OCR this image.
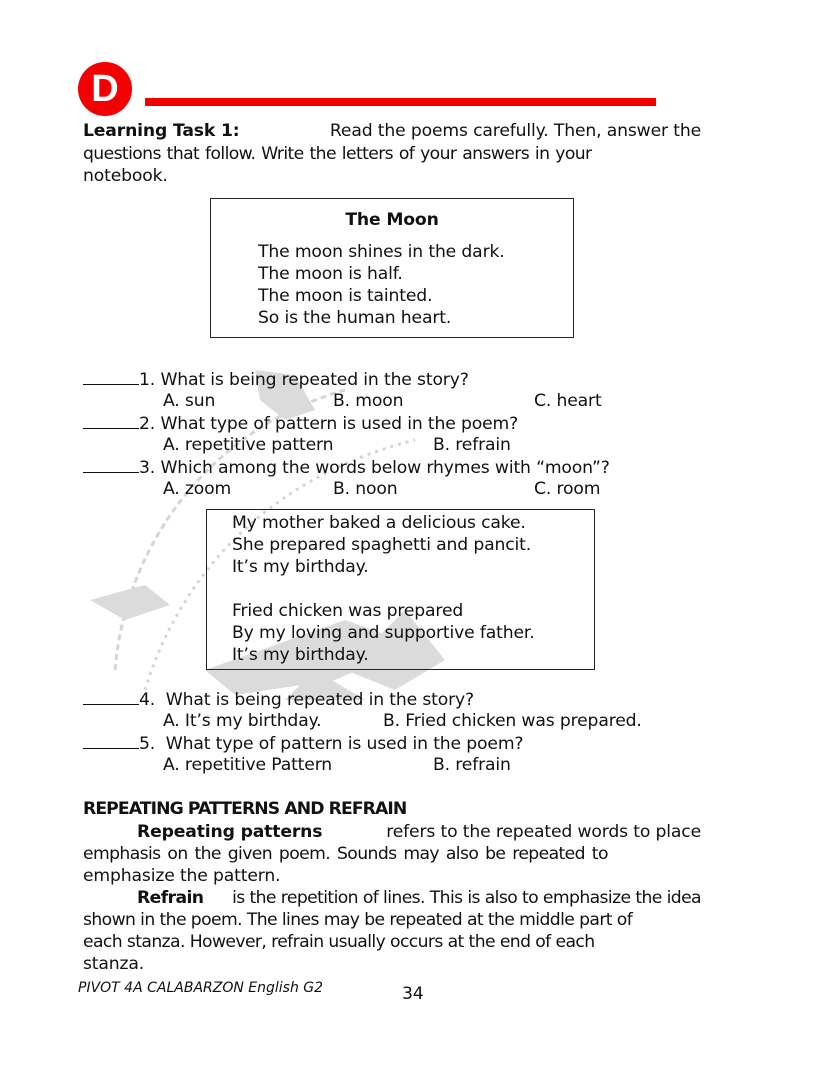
D
Learning Task 1:	Read the poems carefully. Then, answer the
questions that follow. Write the letters of your answers in your
notebook.
The Moon
The moon shines in the dark.
The moon is half.
The moon is tainted.
So is the human heart.
1. What is being repeated in the story?
A. sun	B. moon	C. heart
2. What type of pattern is used in the poem?
A. repetitive pattern	B. refrain
3. Which among the words below rhymes with “moon”?
A. zoom	B. noon	C. room
My mother baked a delicious cake.
She prepared spaghetti and pancit.
It’s my birthday.
Fried chicken was prepared
By my loving and supportive father.
It’s my birthday.
4. What is being repeated in the story?
A. It’s my birthday.	B. Fried chicken was prepared.
5. What type of pattern is used in the poem?
A. repetitive Pattern	B. refrain
REPEATING PATTERNS AND REFRAIN
Repeating patterns	refers to the repeated words to place
emphasis on the given poem. Sounds may also be repeated to
emphasize the pattern.
Refrain is the repetition of lines. This is also to emphasize the idea
shown in the poem. The lines may be repeated at the middle part of
each stanza. However, refrain usually occurs at the end of each
stanza.
PIVOT 4A CALABARZON English G2	34
